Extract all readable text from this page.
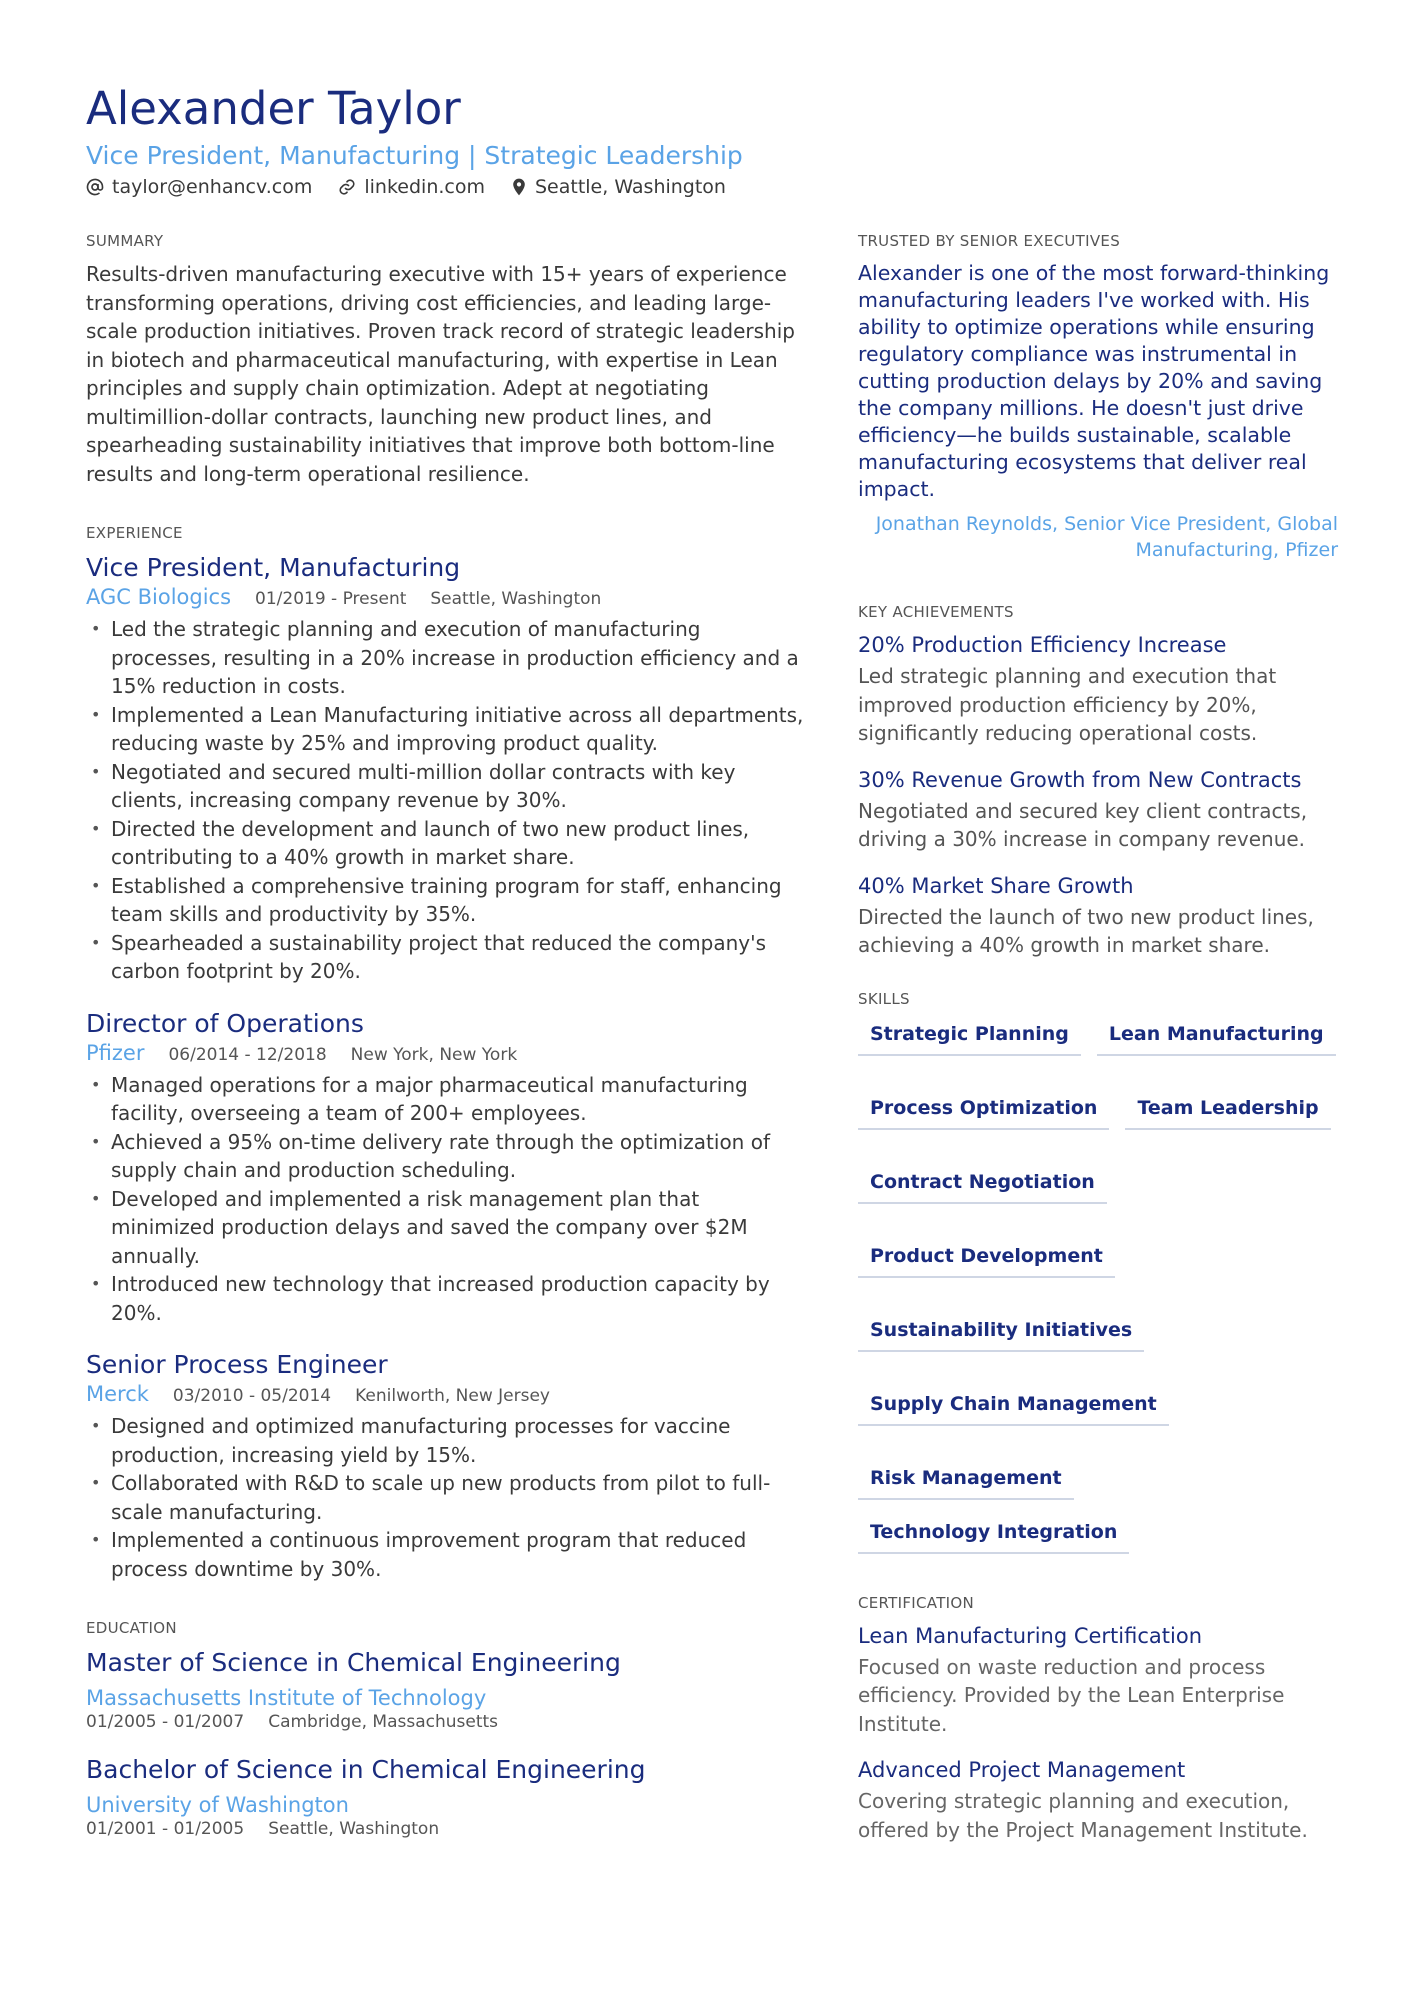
Alexander Taylor
Vice President, Manufacturing | Strategic Leadership
taylor@enhancv.com	linkedin.com	Seattle, Washington
SUMMARY
Results-driven manufacturing executive with 15+ years of experience transforming operations, driving cost efficiencies, and leading large-scale production initiatives. Proven track record of strategic leadership in biotech and pharmaceutical manufacturing, with expertise in Lean principles and supply chain optimization. Adept at negotiating multimillion-dollar contracts, launching new product lines, and spearheading sustainability initiatives that improve both bottom-line results and long-term operational resilience.
EXPERIENCE
Vice President, Manufacturing
AGC Biologics 01/2019 - Present Seattle, Washington
• Led the strategic planning and execution of manufacturing processes, resulting in a 20% increase in production efficiency and a 15% reduction in costs.
• Implemented a Lean Manufacturing initiative across all departments, reducing waste by 25% and improving product quality.
• Negotiated and secured multi-million dollar contracts with key clients, increasing company revenue by 30%.
• Directed the development and launch of two new product lines, contributing to a 40% growth in market share.
• Established a comprehensive training program for staff, enhancing team skills and productivity by 35%.
• Spearheaded a sustainability project that reduced the company's carbon footprint by 20%.
Director of Operations
Pfizer 06/2014 - 12/2018 New York, New York
• Managed operations for a major pharmaceutical manufacturing facility, overseeing a team of 200+ employees.
• Achieved a 95% on-time delivery rate through the optimization of supply chain and production scheduling.
• Developed and implemented a risk management plan that minimized production delays and saved the company over $2M annually.
• Introduced new technology that increased production capacity by 20%.
Senior Process Engineer
Merck 03/2010 - 05/2014 Kenilworth, New Jersey
• Designed and optimized manufacturing processes for vaccine production, increasing yield by 15%.
• Collaborated with R&D to scale up new products from pilot to full-scale manufacturing.
• Implemented a continuous improvement program that reduced process downtime by 30%.
EDUCATION
Master of Science in Chemical Engineering
Massachusetts Institute of Technology
01/2005 - 01/2007 Cambridge, Massachusetts
Bachelor of Science in Chemical Engineering
University of Washington
01/2001 - 01/2005 Seattle, Washington
TRUSTED BY SENIOR EXECUTIVES

Alexander is one of the most forward-thinking manufacturing leaders I've worked with. His ability to optimize operations while ensuring regulatory compliance was instrumental in cutting production delays by 20% and saving the company millions. He doesn't just drive efficiency—he builds sustainable, scalable manufacturing ecosystems that deliver real impact.

Jonathan Reynolds, Senior Vice President, Global Manufacturing, Pfizer
KEY ACHIEVEMENTS
20% Production Efficiency Increase
Led strategic planning and execution that improved production efficiency by 20%, significantly reducing operational costs.
30% Revenue Growth from New Contracts
Negotiated and secured key client contracts, driving a 30% increase in company revenue.
40% Market Share Growth
Directed the launch of two new product lines, achieving a 40% growth in market share.
SKILLS
Strategic Planning	Lean Manufacturing
Process Optimization	Team Leadership
Contract Negotiation
Product Development
Sustainability Initiatives
Supply Chain Management
Risk Management
Technology Integration
CERTIFICATION
Lean Manufacturing Certification
Focused on waste reduction and process efficiency. Provided by the Lean Enterprise Institute.
Advanced Project Management
Covering strategic planning and execution, offered by the Project Management Institute.
